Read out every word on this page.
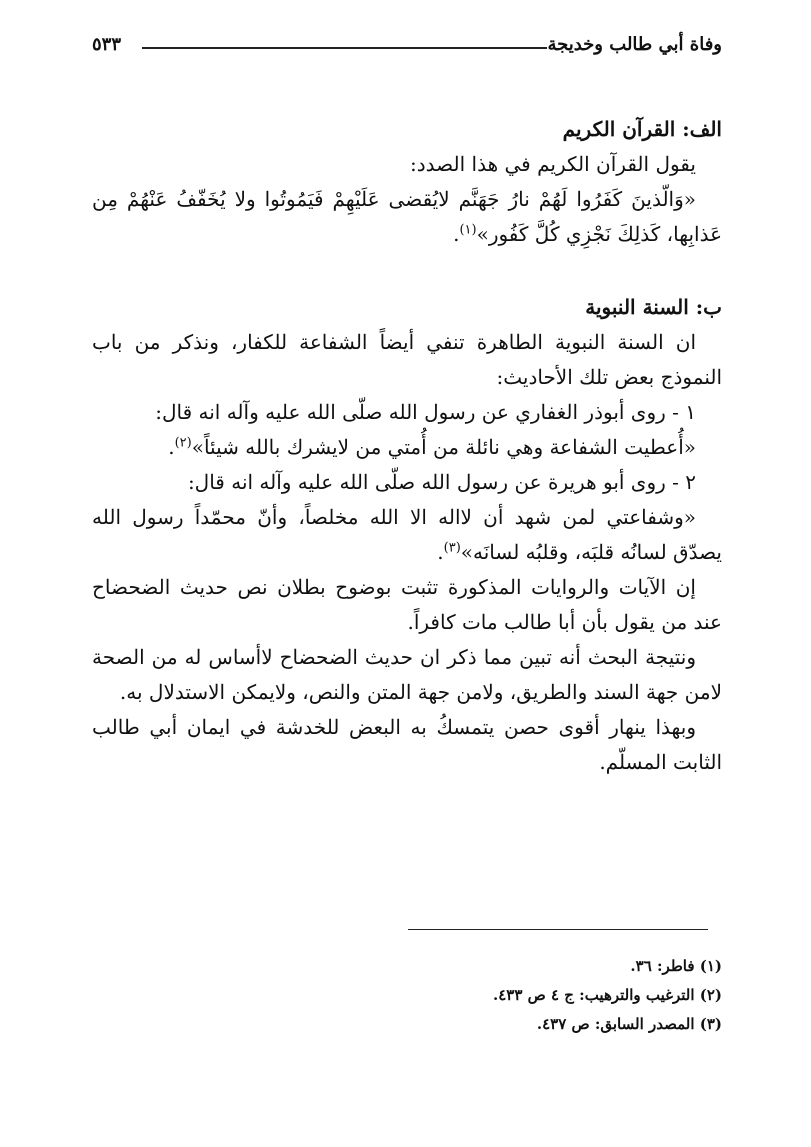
وفاة أبي طالب وخديجة
٥٣٣

الف: القرآن الكريم

يقول القرآن الكريم في هذا الصدد:

«وَالّذينَ كَفَرُوا لَهُمْ نارُ جَهَنَّم لايُقضى عَلَيْهِمْ فَيَمُوتُوا ولا يُخَفّفُ عَنْهُمْ مِن عَذابِها، كَذلِكَ نَجْزِي كُلَّ كَفُور»$^{(١)}$.

ب: السنة النبوية

ان السنة النبوية الطاهرة تنفي أيضاً الشفاعة للكفار، ونذكر من باب النموذج بعض تلك الأحاديث:

١ - روى أبوذر الغفاري عن رسول الله صلّى الله عليه وآله انه قال:

«أُعطيت الشفاعة وهي نائلة من أُمتي من لايشرك بالله شيئاً»$^{(٢)}$.

٢ - روى أبو هريرة عن رسول الله صلّى الله عليه وآله انه قال:

«وشفاعتي لمن شهد أن لااله الا الله مخلصاً، وأنّ محمّداً رسول الله يصدّق لسانُه قلبَه، وقلبُه لسانَه»$^{(٣)}$.

إن الآيات والروايات المذكورة تثبت بوضوح بطلان نص حديث الضحضاح عند من يقول بأن أبا طالب مات كافراً.

ونتيجة البحث أنه تبين مما ذكر ان حديث الضحضاح لاأساس له من الصحة لامن جهة السند والطريق، ولامن جهة المتن والنص، ولايمكن الاستدلال به.

وبهذا ينهار أقوى حصن يتمسكُ به البعض للخدشة في ايمان أبي طالب الثابت المسلّم.

(١) فاطر: ٣٦.

(٢) الترغيب والترهيب: ج ٤ ص ٤٣٣.

(٣) المصدر السابق: ص ٤٣٧.
